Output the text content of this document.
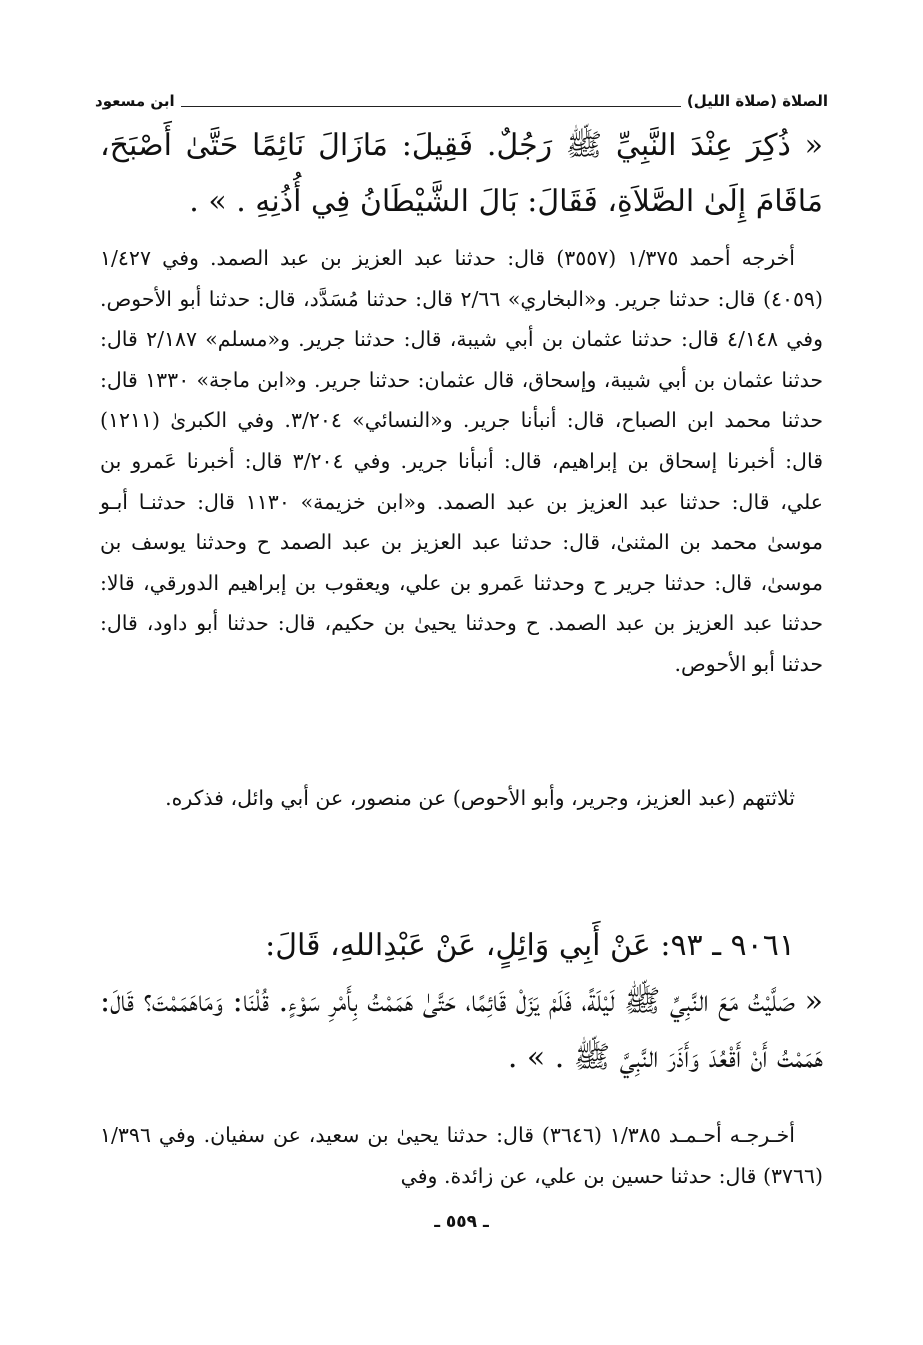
الصلاة (صلاة الليل)
ابن مسعود

« ذُكِرَ عِنْدَ النَّبِيِّ ﷺ رَجُلٌ. فَقِيلَ: مَازَالَ نَائِمًا حَتَّىٰ أَصْبَحَ، مَاقَامَ إِلَىٰ الصَّلاَةِ، فَقَالَ: بَالَ الشَّيْطَانُ فِي أُذُنِهِ . » .

أخرجه أحمد ١/٣٧٥ (٣٥٥٧) قال: حدثنا عبد العزيز بن عبد الصمد. وفي ١/٤٢٧ (٤٠٥٩) قال: حدثنا جرير. و«البخاري» ٢/٦٦ قال: حدثنا مُسَدَّد، قال: حدثنا أبو الأحوص. وفي ٤/١٤٨ قال: حدثنا عثمان بن أبي شيبة، قال: حدثنا جرير. و«مسلم» ٢/١٨٧ قال: حدثنا عثمان بن أبي شيبة، وإسحاق، قال عثمان: حدثنا جرير. و«ابن ماجة» ١٣٣٠ قال: حدثنا محمد ابن الصباح، قال: أنبأنا جرير. و«النسائي» ٣/٢٠٤. وفي الكبرىٰ (١٢١١) قال: أخبرنا إسحاق بن إبراهيم، قال: أنبأنا جرير. وفي ٣/٢٠٤ قال: أخبرنا عَمرو بن علي، قال: حدثنا عبد العزيز بن عبد الصمد. و«ابن خزيمة» ١١٣٠ قال: حدثنـا أبـو موسىٰ محمد بن المثنىٰ، قال: حدثنا عبد العزيز بن عبد الصمد ح وحدثنا يوسف بن موسىٰ، قال: حدثنا جرير ح وحدثنا عَمرو بن علي، ويعقوب بن إبراهيم الدورقي، قالا: حدثنا عبد العزيز بن عبد الصمد. ح وحدثنا يحيىٰ بن حكيم، قال: حدثنا أبو داود، قال: حدثنا أبو الأحوص.

ثلاثتهم (عبد العزيز، وجرير، وأبو الأحوص) عن منصور، عن أبي وائل، فذكره.

٩٠٦١ ـ ٩٣: عَنْ أَبِي وَائِلٍ، عَنْ عَبْدِاللهِ، قَالَ:

« صَلَّيْتُ مَعَ النَّبِيِّ ﷺ لَيْلَةً، فَلَمْ يَزَلْ قَائِمًا، حَتَّىٰ هَمَمْتُ بِأَمْرِ سَوْءٍ. قُلْنَا: وَمَاهَمَمْتَ؟ قَالَ: هَمَمْتُ أَنْ أَقْعُدَ وَأَذَرَ النَّبِيَّ ﷺ . » .

أخـرجـه أحـمـد ١/٣٨٥ (٣٦٤٦) قال: حدثنا يحيىٰ بن سعيد، عن سفيان. وفي ١/٣٩٦ (٣٧٦٦) قال: حدثنا حسين بن علي، عن زائدة. وفي

ـ ٥٥٩ ـ
